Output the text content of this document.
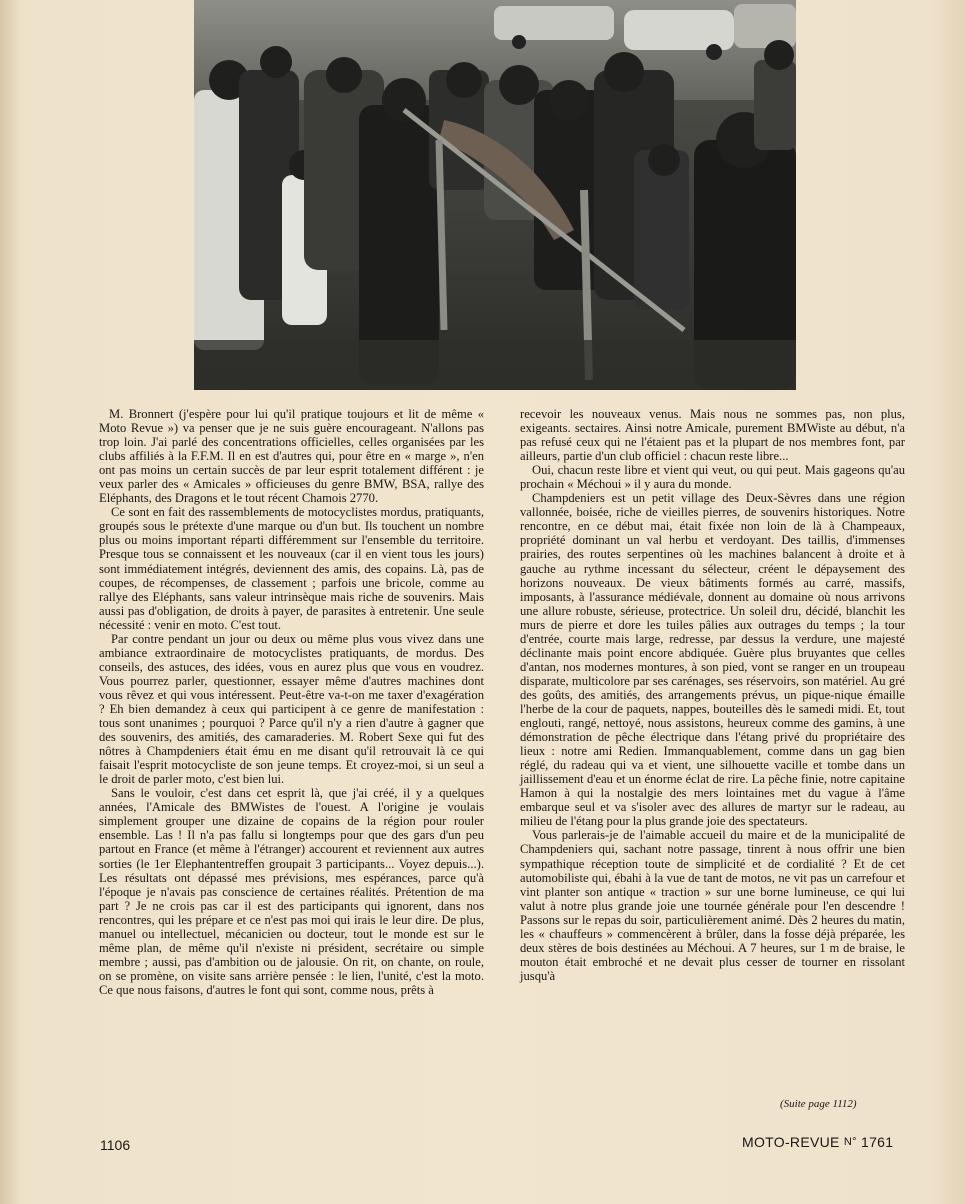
M. Bronnert (j'espère pour lui qu'il pratique toujours et lit de même « Moto Revue ») va penser que je ne suis guère encourageant. N'allons pas trop loin. J'ai parlé des concentrations officielles, celles organisées par les clubs affiliés à la F.F.M. Il en est d'autres qui, pour être en « marge », n'en ont pas moins un certain succès de par leur esprit totalement différent : je veux parler des « Amicales » officieuses du genre BMW, BSA, rallye des Eléphants, des Dragons et le tout récent Chamois 2770.

Ce sont en fait des rassemblements de motocyclistes mordus, pratiquants, groupés sous le prétexte d'une marque ou d'un but. Ils touchent un nombre plus ou moins important réparti différemment sur l'ensemble du territoire. Presque tous se connaissent et les nouveaux (car il en vient tous les jours) sont immédiatement intégrés, deviennent des amis, des copains. Là, pas de coupes, de récompenses, de classement ; parfois une bricole, comme au rallye des Eléphants, sans valeur intrinsèque mais riche de souvenirs. Mais aussi pas d'obligation, de droits à payer, de parasites à entretenir. Une seule nécessité : venir en moto. C'est tout.

Par contre pendant un jour ou deux ou même plus vous vivez dans une ambiance extraordinaire de motocyclistes pratiquants, de mordus. Des conseils, des astuces, des idées, vous en aurez plus que vous en voudrez. Vous pourrez parler, questionner, essayer même d'autres machines dont vous rêvez et qui vous intéressent. Peut-être va-t-on me taxer d'exagération ? Eh bien demandez à ceux qui participent à ce genre de manifestation : tous sont unanimes ; pourquoi ? Parce qu'il n'y a rien d'autre à gagner que des souvenirs, des amitiés, des camaraderies. M. Robert Sexe qui fut des nôtres à Champdeniers était ému en me disant qu'il retrouvait là ce qui faisait l'esprit motocycliste de son jeune temps. Et croyez-moi, si un seul a le droit de parler moto, c'est bien lui.

Sans le vouloir, c'est dans cet esprit là, que j'ai créé, il y a quelques années, l'Amicale des BMWistes de l'ouest. A l'origine je voulais simplement grouper une dizaine de copains de la région pour rouler ensemble. Las ! Il n'a pas fallu si longtemps pour que des gars d'un peu partout en France (et même à l'étranger) accourent et reviennent aux autres sorties (le 1er Elephantentreffen groupait 3 participants... Voyez depuis...). Les résultats ont dépassé mes prévisions, mes espérances, parce qu'à l'époque je n'avais pas conscience de certaines réalités. Prétention de ma part ? Je ne crois pas car il est des participants qui ignorent, dans nos rencontres, qui les prépare et ce n'est pas moi qui irais le leur dire. De plus, manuel ou intellectuel, mécanicien ou docteur, tout le monde est sur le même plan, de même qu'il n'existe ni président, secrétaire ou simple membre ; aussi, pas d'ambition ou de jalousie. On rit, on chante, on roule, on se promène, on visite sans arrière pensée : le lien, l'unité, c'est la moto. Ce que nous faisons, d'autres le font qui sont, comme nous, prêts à

recevoir les nouveaux venus. Mais nous ne sommes pas, non plus, exigeants. sectaires. Ainsi notre Amicale, purement BMWiste au début, n'a pas refusé ceux qui ne l'étaient pas et la plupart de nos membres font, par ailleurs, partie d'un club officiel : chacun reste libre...

Oui, chacun reste libre et vient qui veut, ou qui peut. Mais gageons qu'au prochain « Méchoui » il y aura du monde.

Champdeniers est un petit village des Deux-Sèvres dans une région vallonnée, boisée, riche de vieilles pierres, de souvenirs historiques. Notre rencontre, en ce début mai, était fixée non loin de là à Champeaux, propriété dominant un val herbu et verdoyant. Des taillis, d'immenses prairies, des routes serpentines où les machines balancent à droite et à gauche au rythme incessant du sélecteur, créent le dépaysement des horizons nouveaux. De vieux bâtiments formés au carré, massifs, imposants, à l'assurance médiévale, donnent au domaine où nous arrivons une allure robuste, sérieuse, protectrice. Un soleil dru, décidé, blanchit les murs de pierre et dore les tuiles pâlies aux outrages du temps ; la tour d'entrée, courte mais large, redresse, par dessus la verdure, une majesté déclinante mais point encore abdiquée. Guère plus bruyantes que celles d'antan, nos modernes montures, à son pied, vont se ranger en un troupeau disparate, multicolore par ses carénages, ses réservoirs, son matériel. Au gré des goûts, des amitiés, des arrangements prévus, un pique-nique émaille l'herbe de la cour de paquets, nappes, bouteilles dès le samedi midi. Et, tout englouti, rangé, nettoyé, nous assistons, heureux comme des gamins, à une démonstration de pêche électrique dans l'étang privé du propriétaire des lieux : notre ami Redien. Immanquablement, comme dans un gag bien réglé, du radeau qui va et vient, une silhouette vacille et tombe dans un jaillissement d'eau et un énorme éclat de rire. La pêche finie, notre capitaine Hamon à qui la nostalgie des mers lointaines met du vague à l'âme embarque seul et va s'isoler avec des allures de martyr sur le radeau, au milieu de l'étang pour la plus grande joie des spectateurs.

Vous parlerais-je de l'aimable accueil du maire et de la municipalité de Champdeniers qui, sachant notre passage, tinrent à nous offrir une bien sympathique réception toute de simplicité et de cordialité ? Et de cet automobiliste qui, ébahi à la vue de tant de motos, ne vit pas un carrefour et vint planter son antique « traction » sur une borne lumineuse, ce qui lui valut à notre plus grande joie une tournée générale pour l'en descendre ! Passons sur le repas du soir, particulièrement animé. Dès 2 heures du matin, les « chauffeurs » commencèrent à brûler, dans la fosse déjà préparée, les deux stères de bois destinées au Méchoui. A 7 heures, sur 1 m de braise, le mouton était embroché et ne devait plus cesser de tourner en rissolant jusqu'à

(Suite page 1112)
1106	MOTO-REVUE N° 1761
